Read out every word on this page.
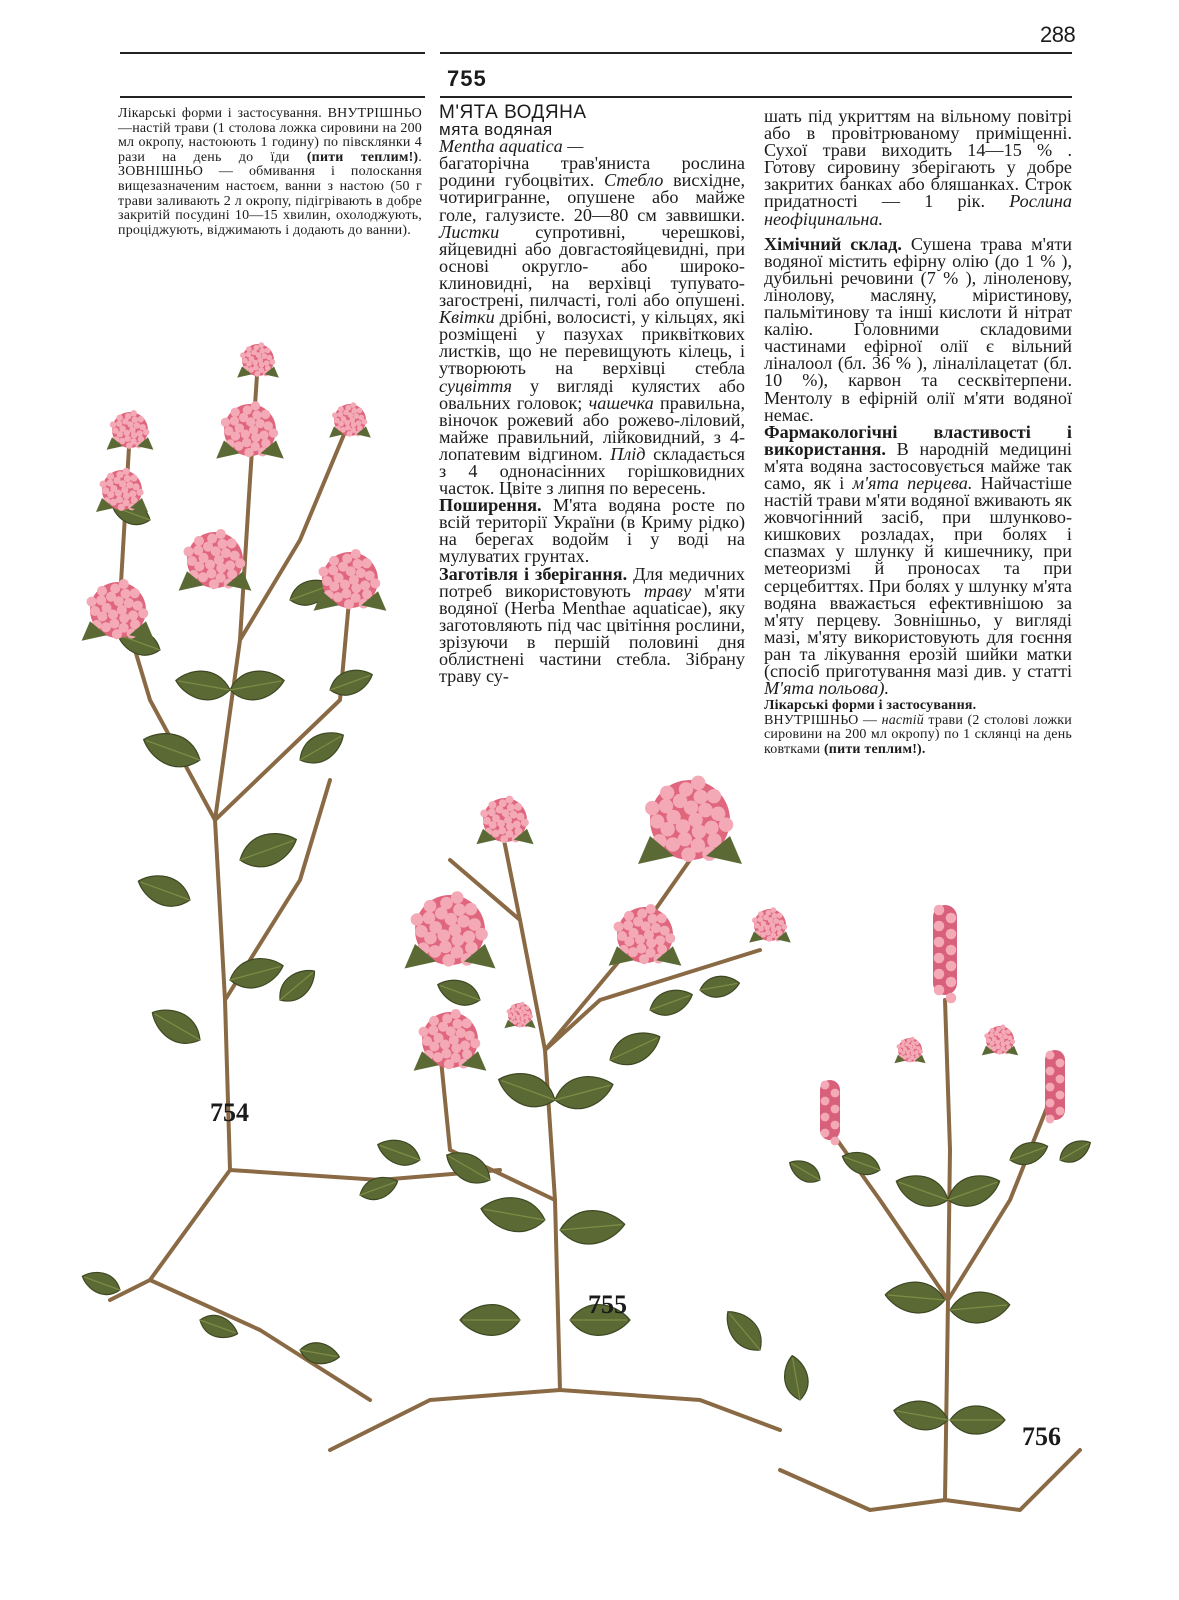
288
755

Лікарські форми і застосування. ВНУТРІШНЬО—настій трави (1 столова ложка сировини на 200 мл окропу, настоюють 1 годину) по півсклянки 4 рази на день до їди (пити теплим!). ЗОВНІШНЬО — обмивання і полоскання вищезазначеним настоєм, ванни з настою (50 г трави заливають 2 л окропу, підігрівають в добре закритій посудині 10—15 хвилин, охолоджують, проціджують, віджимають і додають до ванни).

М'ЯТА ВОДЯНА
мята водяная
Mentha aquatica —

багаторічна трав'яниста рослина родини губоцвітих. Стебло висхідне, чотиригранне, опушене або майже голе, галузисте. 20—80 см заввишки. Листки супротивні, черешкові, яйцевидні або довгастояйцевидні, при основі округло- або широко-клиновидні, на верхівці тупувато-загострені, пилчасті, голі або опушені. Квітки дрібні, волосисті, у кільцях, які розміщені у пазухах приквіткових листків, що не перевищують кілець, і утворюють на верхівці стебла суцвіття у вигляді кулястих або овальних головок; чашечка правильна, віночок рожевий або рожево-ліловий, майже правильний, лійковидний, з 4-лопатевим відгином. Плід складається з 4 однонасінних горішковидних часток. Цвіте з липня по вересень.

Поширення. М'ята водяна росте по всій території України (в Криму рідко) на берегах водойм і у воді на мулуватих грунтах.

Заготівля і зберігання. Для медичних потреб використовують траву м'яти водяної (Herba Menthae aquaticae), яку заготовляють під час цвітіння рослини, зрізуючи в першій половині дня облистнені частини стебла. Зібрану траву су-

шать під укриттям на вільному повітрі або в провітрюваному приміщенні. Сухої трави виходить 14—15 % . Готову сировину зберігають у добре закритих банках або бляшанках. Строк придатності — 1 рік. Рослина неофіцинальна.

Хімічний склад. Сушена трава м'яти водяної містить ефірну олію (до 1 % ), дубильні речовини (7 % ), ліноленову, лінолову, масляну, міристинову, пальмітинову та інші кислоти й нітрат калію. Головними складовими частинами ефірної олії є вільний ліналоол (бл. 36 % ), ліналілацетат (бл. 10 %), карвон та сесквітерпени. Ментолу в ефірній олії м'яти водяної немає.

Фармакологічні властивості і використання. В народній медицині м'ята водяна застосовується майже так само, як і м'ята перцева. Найчастіше настій трави м'яти водяної вживають як жовчогінний засіб, при шлунково-кишкових розладах, при болях і спазмах у шлунку й кишечнику, при метеоризмі й проносах та при серцебиттях. При болях у шлунку м'ята водяна вважається ефективнішою за м'яту перцеву. Зовнішньо, у вигляді мазі, м'яту використовують для гоєння ран та лікування ерозій шийки матки (спосіб приготування мазі див. у статті М'ята польова).

Лікарські форми і застосування.

ВНУТРІШНЬО — настій трави (2 столові ложки сировини на 200 мл окропу) по 1 склянці на день ковтками (пити теплим!).

754
755
756
